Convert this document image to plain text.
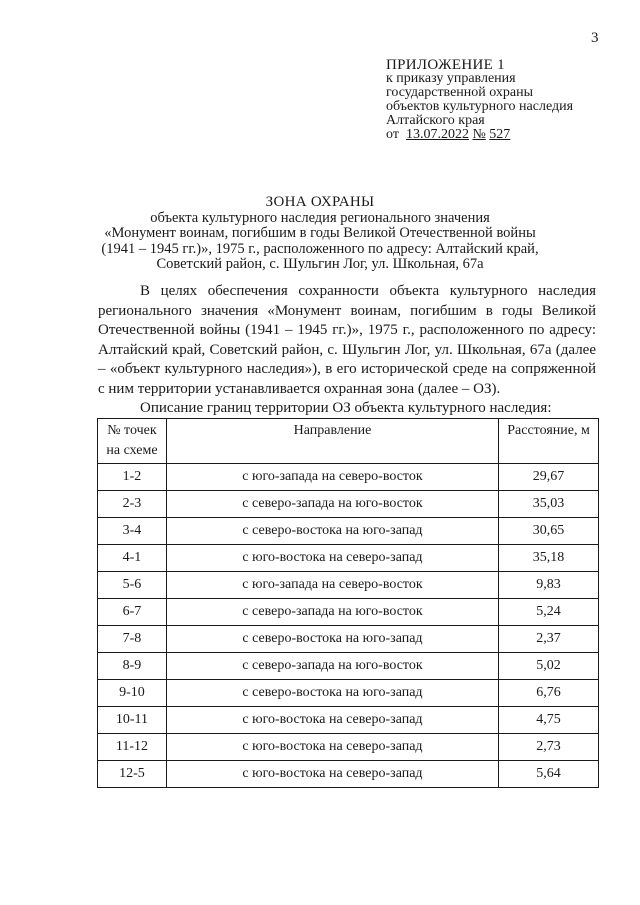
3
ПРИЛОЖЕНИЕ 1
к приказу управления
государственной охраны
объектов культурного наследия
Алтайского края
от 13.07.2022 № 527
ЗОНА ОХРАНЫ
объекта культурного наследия регионального значения
«Монумент воинам, погибшим в годы Великой Отечественной войны
(1941 – 1945 гг.)», 1975 г., расположенного по адресу: Алтайский край,
Советский район, с. Шульгин Лог, ул. Школьная, 67а

В целях обеспечения сохранности объекта культурного наследия регионального значения «Монумент воинам, погибшим в годы Великой Отечественной войны (1941 – 1945 гг.)», 1975 г., расположенного по адресу: Алтайский край, Советский район, с. Шульгин Лог, ул. Школьная, 67а (далее – «объект культурного наследия»), в его исторической среде на сопряженной с ним территории устанавливается охранная зона (далее – ОЗ).

Описание границ территории ОЗ объекта культурного наследия:

№ точек на схеме	Направление	Расстояние, м
1-2	с юго-запада на северо-восток	29,67
2-3	с северо-запада на юго-восток	35,03
3-4	с северо-востока на юго-запад	30,65
4-1	с юго-востока на северо-запад	35,18
5-6	с юго-запада на северо-восток	9,83
6-7	с северо-запада на юго-восток	5,24
7-8	с северо-востока на юго-запад	2,37
8-9	с северо-запада на юго-восток	5,02
9-10	с северо-востока на юго-запад	6,76
10-11	с юго-востока на северо-запад	4,75
11-12	с юго-востока на северо-запад	2,73
12-5	с юго-востока на северо-запад	5,64
